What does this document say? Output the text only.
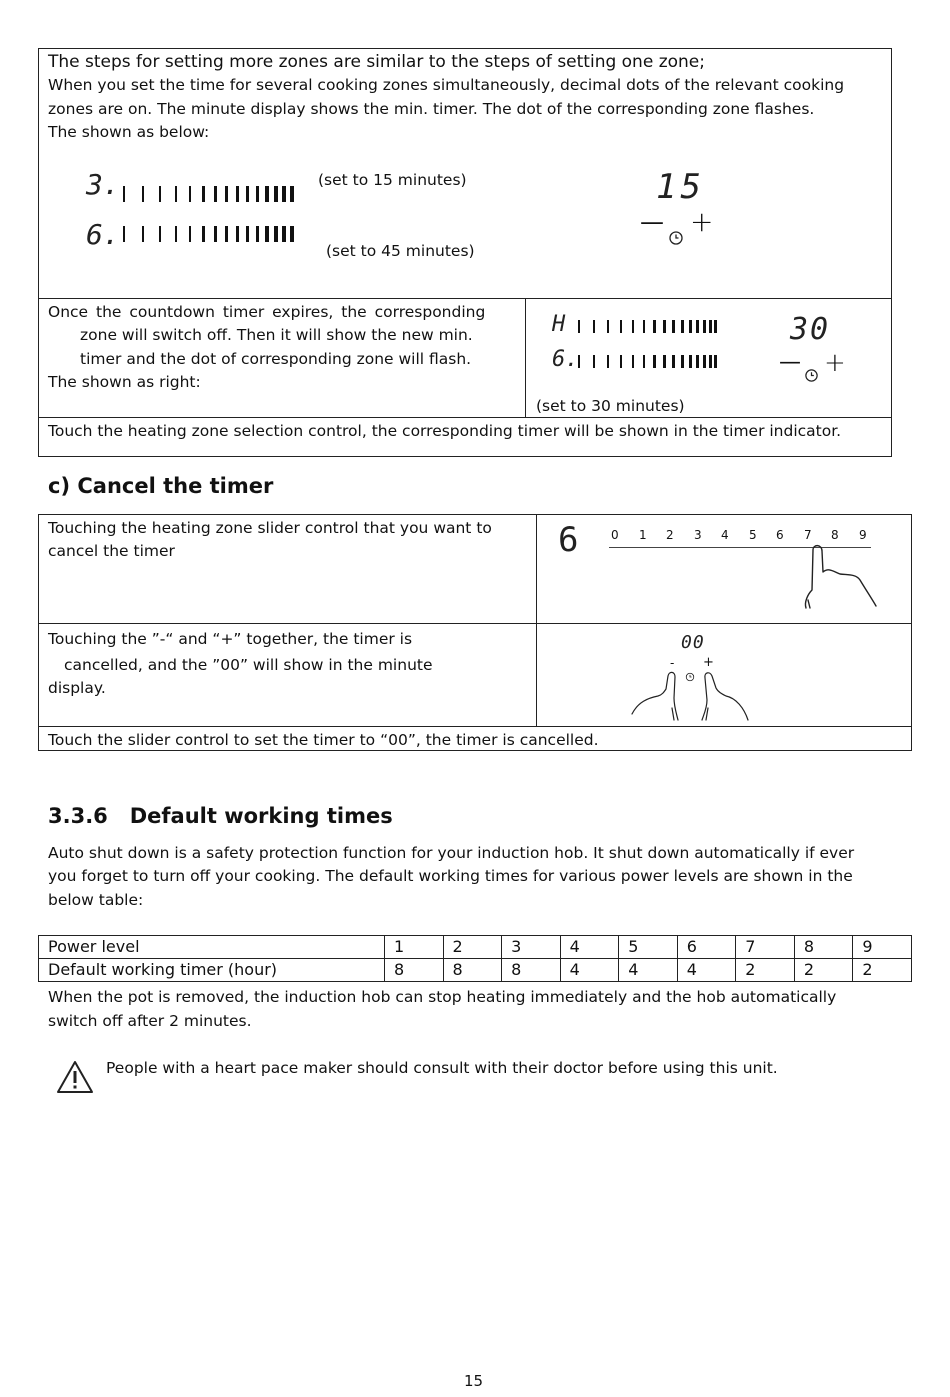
The steps for setting more zones are similar to the steps of setting one zone;
When you set the time for several cooking zones simultaneously, decimal dots of the relevant cooking
zones are on. The minute display shows the min. timer. The dot of the corresponding zone flashes.
The shown as below:
3.	(set to 15 minutes)
6.	(set to 45 minutes)
15
— +
Once the countdown timer expires, the corresponding
zone will switch off. Then it will show the new min.
timer and the dot of corresponding zone will flash.
The shown as right:
H
6.
30
— +
(set to 30 minutes)
Touch the heating zone selection control, the corresponding timer will be shown in the timer indicator.
c) Cancel the timer
Touching the heating zone slider control that you want to
cancel the timer	6	0 1 2 3 4 5 6 7 8 9
Touching the ”-“ and “+” together, the timer is
cancelled, and the ”00” will show in the minute
display.
00
- +
Touch the slider control to set the timer to “00”, the timer is cancelled.
3.3.6   Default working times
Auto shut down is a safety protection function for your induction hob. It shut down automatically if ever
you forget to turn off your cooking. The default working times for various power levels are shown in the
below table:
Power level	1	2	3	4	5	6	7	8	9
Default working timer (hour)	8	8	8	4	4	4	2	2	2
When the pot is removed, the induction hob can stop heating immediately and the hob automatically
switch off after 2 minutes.
People with a heart pace maker should consult with their doctor before using this unit.
15
